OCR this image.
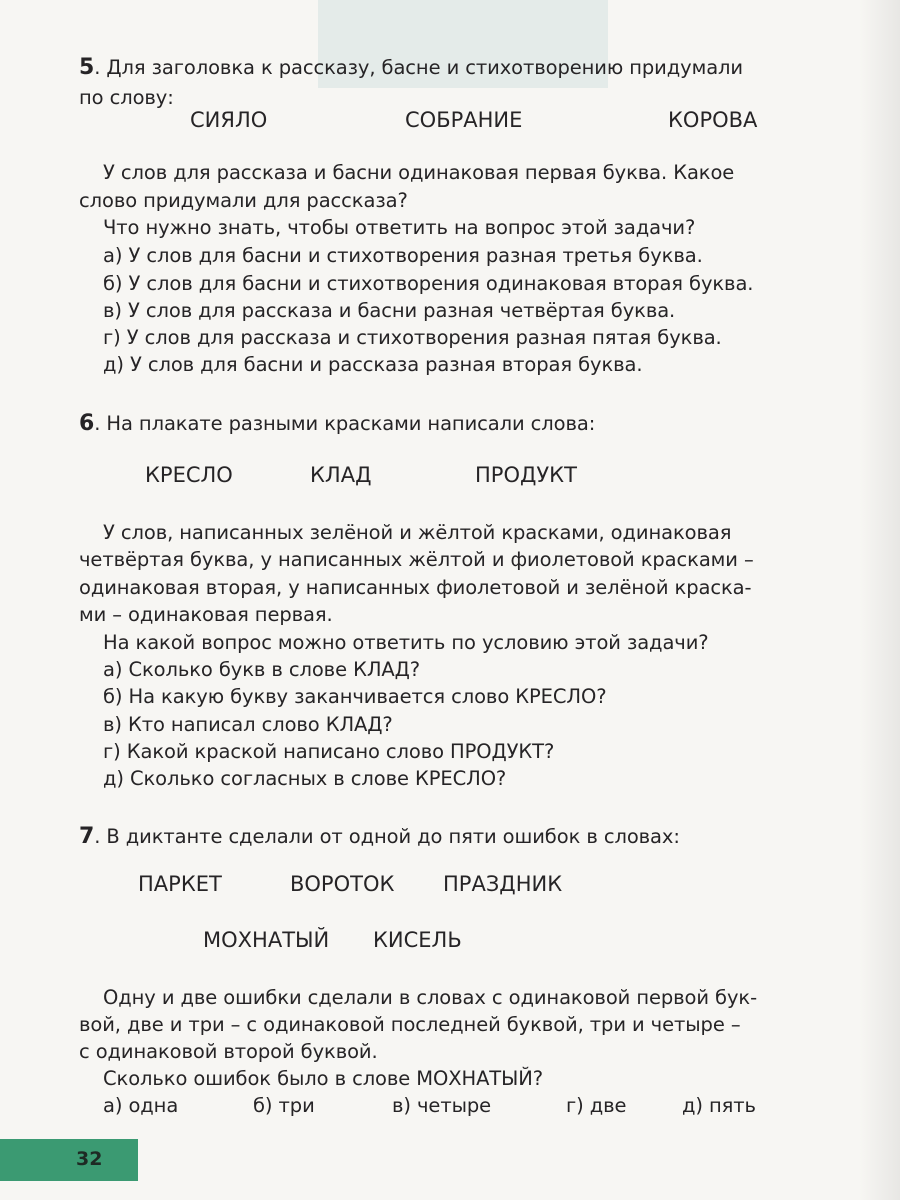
5. Для заголовка к рассказу, басне и стихотворению придумали
по слову:
СИЯЛО	СОБРАНИЕ	КОРОВА
У слов для рассказа и басни одинаковая первая буква. Какое
слово придумали для рассказа?
Что нужно знать, чтобы ответить на вопрос этой задачи?
а) У слов для басни и стихотворения разная третья буква.
б) У слов для басни и стихотворения одинаковая вторая буква.
в) У слов для рассказа и басни разная четвёртая буква.
г) У слов для рассказа и стихотворения разная пятая буква.
д) У слов для басни и рассказа разная вторая буква.
6. На плакате разными красками написали слова:
КРЕСЛО	КЛАД	ПРОДУКТ
У слов, написанных зелёной и жёлтой красками, одинаковая
четвёртая буква, у написанных жёлтой и фиолетовой красками –
одинаковая вторая, у написанных фиолетовой и зелёной краска-
ми – одинаковая первая.
На какой вопрос можно ответить по условию этой задачи?
а) Сколько букв в слове КЛАД?
б) На какую букву заканчивается слово КРЕСЛО?
в) Кто написал слово КЛАД?
г) Какой краской написано слово ПРОДУКТ?
д) Сколько согласных в слове КРЕСЛО?
7. В диктанте сделали от одной до пяти ошибок в словах:
ПАРКЕТ	ВОРОТОК ПРАЗДНИК
МОХНАТЫЙ КИСЕЛЬ
Одну и две ошибки сделали в словах с одинаковой первой бук-
вой, две и три – с одинаковой последней буквой, три и четыре –
с одинаковой второй буквой.
Сколько ошибок было в слове МОХНАТЫЙ?
а) одна	б) три	в) четыре	г) две	д) пять
32
